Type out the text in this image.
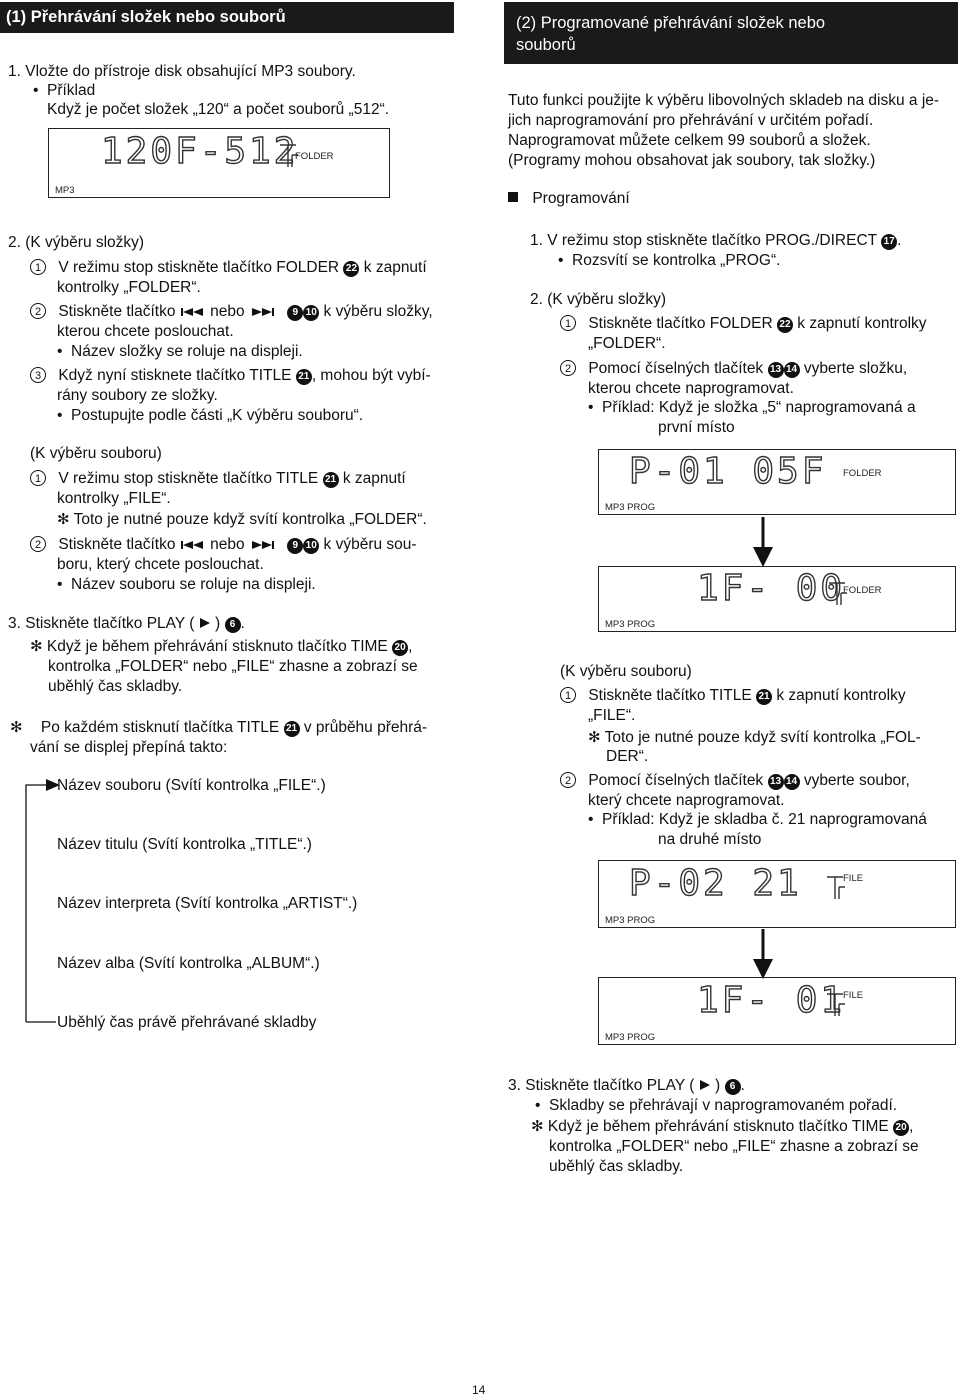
(1) Přehrávání složek nebo souborů	(2) Programované přehrávání složek nebo
souborů
1. Vložte do přístroje disk obsahující MP3 soubory.
• Příklad
Když je počet složek „120“ a počet souborů „512“.
120F-512
FOLDER
MP3
Tuto funkci použijte k výběru libovolných skladeb na disku a je-
jich naprogramování pro přehrávání v určitém pořadí.
Naprogramovat můžete celkem 99 souborů a složek.
(Programy mohou obsahovat jak soubory, tak složky.)
Programování
2. (K výběru složky)
1 V režimu stop stiskněte tlačítko FOLDER 22 k zapnutí
kontrolky „FOLDER“.
2 Stiskněte tlačítko nebo	9 10 k výběru složky,
kterou chcete poslouchat.
• Název složky se roluje na displeji.
3 Když nyní stisknete tlačítko TITLE 21 , mohou být vybí-
rány soubory ze složky.
• Postupujte podle části „K výběru souboru“.
(K výběru souboru)
1 V režimu stop stiskněte tlačítko TITLE 21 k zapnutí
kontrolky „FILE“.
✻ Toto je nutné pouze když svítí kontrolka „FOLDER“.
2 Stiskněte tlačítko nebo	9 10 k výběru sou-
boru, který chcete poslouchat.
• Název souboru se roluje na displeji.
3. Stiskněte tlačítko PLAY ( ) 6 .
✻ Když je během přehrávání stisknuto tlačítko TIME 20 ,
kontrolka „FOLDER“ nebo „FILE“ zhasne a zobrazí se
uběhlý čas skladby.
✻ Po každém stisknutí tlačítka TITLE 21 v průběhu přehrá-
vání se displej přepíná takto:
Název souboru (Svítí kontrolka „FILE“.)
Název titulu (Svítí kontrolka „TITLE“.)
Název interpreta (Svítí kontrolka „ARTIST“.)
Název alba (Svítí kontrolka „ALBUM“.)
Uběhlý čas právě přehrávané skladby
1. V režimu stop stiskněte tlačítko PROG./DIRECT 17 .
• Rozsvítí se kontrolka „PROG“.
2. (K výběru složky)
1 Stiskněte tlačítko FOLDER 22 k zapnutí kontrolky
„FOLDER“.
2 Pomocí číselných tlačítek 13 14 vyberte složku,
kterou chcete naprogramovat.
• Příklad: Když je složka „5“ naprogramovaná a
první místo
P-01 05F FOLDER
MP3 PROG
1F- 00
FOLDER
MP3 PROG
(K výběru souboru)
1 Stiskněte tlačítko TITLE 21 k zapnutí kontrolky
„FILE“.
✻ Toto je nutné pouze když svítí kontrolka „FOL-
DER“.
2 Pomocí číselných tlačítek 13 14 vyberte soubor,
který chcete naprogramovat.
• Příklad: Když je skladba č. 21 naprogramovaná
na druhé místo
P-02 21	FILE
MP3 PROG
1F- 01
FILE
MP3 PROG
3. Stiskněte tlačítko PLAY ( ) 6 .
• Skladby se přehrávají v naprogramovaném pořadí.
✻ Když je během přehrávání stisknuto tlačítko TIME 20 ,
kontrolka „FOLDER“ nebo „FILE“ zhasne a zobrazí se
uběhlý čas skladby.
14
